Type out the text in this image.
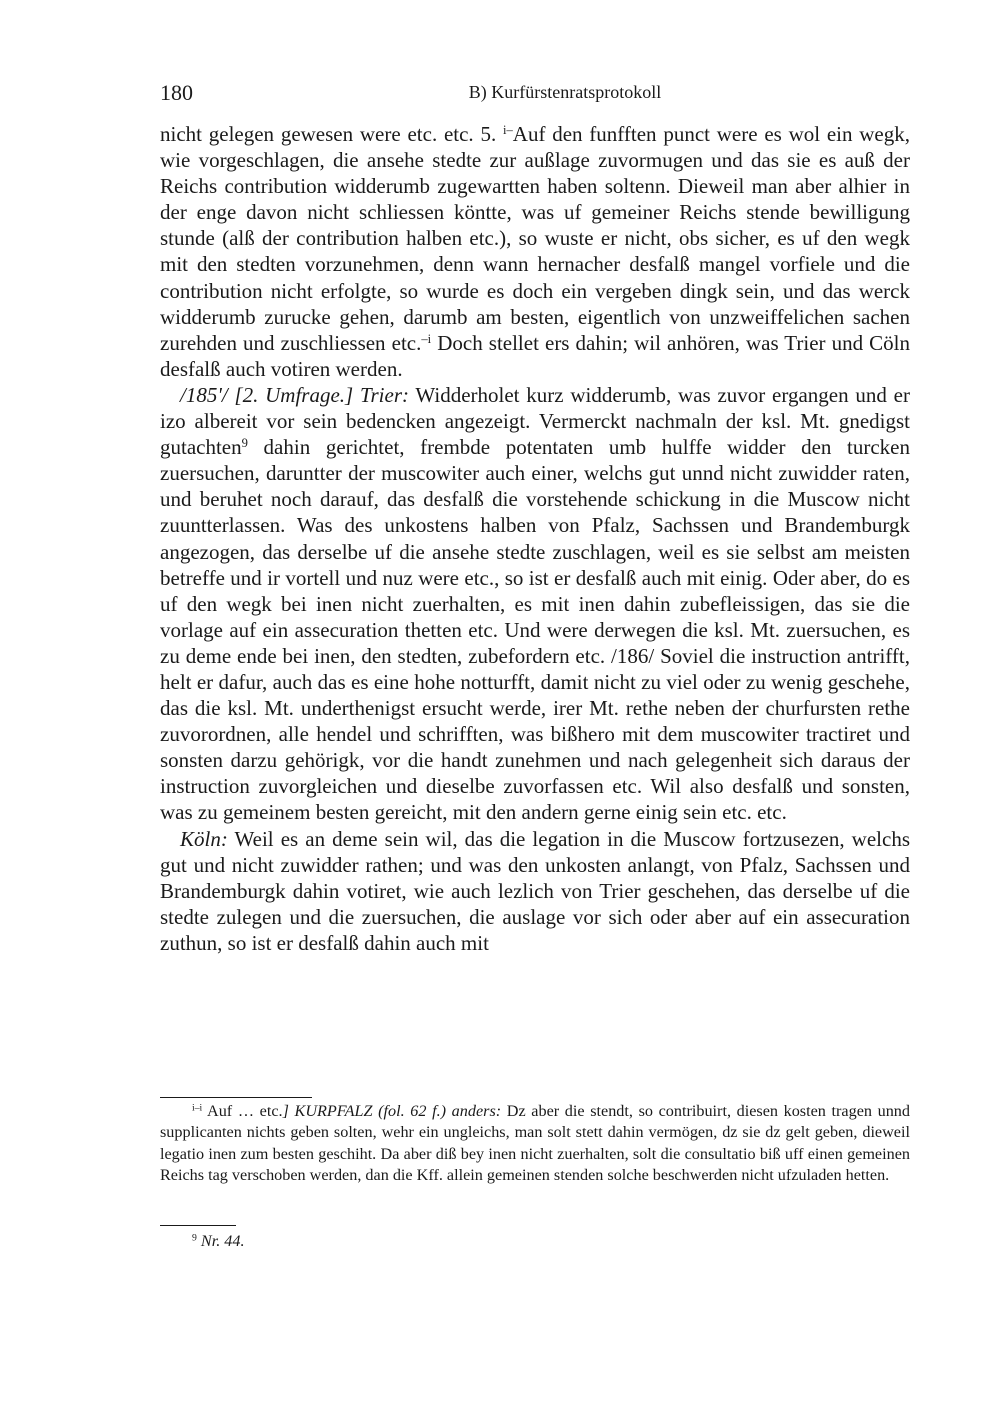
180	B) Kurfürstenratsprotokoll

nicht gelegen gewesen were etc. etc. 5. $^{i-}$Auf den funfften punct were es wol ein wegk, wie vorgeschlagen, die ansehe stedte zur außlage zuvormugen und das sie es auß der Reichs contribution widderumb zugewartten haben soltenn. Dieweil man aber alhier in der enge davon nicht schliessen köntte, was uf gemeiner Reichs stende bewilligung stunde (alß der contribution halben etc.), so wuste er nicht, obs sicher, es uf den wegk mit den stedten vorzunehmen, denn wann hernacher desfalß mangel vorfiele und die contribution nicht erfolgte, so wurde es doch ein vergeben dingk sein, und das werck widderumb zurucke gehen, darumb am besten, eigentlich von unzweiffelichen sachen zurehden und zuschliessen etc.$^{-i}$ Doch stellet ers dahin; wil anhören, was Trier und Cöln desfalß auch votiren werden.

/185'/ [2. Umfrage.] Trier: Widderholet kurz widderumb, was zuvor ergangen und er izo albereit vor sein bedencken angezeigt. Vermerckt nachmaln der ksl. Mt. gnedigst gutachten$^9$ dahin gerichtet, frembde potentaten umb hulffe widder den turcken zuersuchen, daruntter der muscowiter auch einer, welchs gut unnd nicht zuwidder raten, und beruhet noch darauf, das desfalß die vorstehende schickung in die Muscow nicht zuuntterlassen. Was des unkostens halben von Pfalz, Sachssen und Brandemburgk angezogen, das derselbe uf die ansehe stedte zuschlagen, weil es sie selbst am meisten betreffe und ir vortell und nuz were etc., so ist er desfalß auch mit einig. Oder aber, do es uf den wegk bei inen nicht zuerhalten, es mit inen dahin zubefleissigen, das sie die vorlage auf ein assecuration thetten etc. Und were derwegen die ksl. Mt. zuersuchen, es zu deme ende bei inen, den stedten, zubefordern etc. /186/ Soviel die instruction antrifft, helt er dafur, auch das es eine hohe notturfft, damit nicht zu viel oder zu wenig geschehe, das die ksl. Mt. underthenigst ersucht werde, irer Mt. rethe neben der churfursten rethe zuvorordnen, alle hendel und schrifften, was bißhero mit dem muscowiter tractiret und sonsten darzu gehörigk, vor die handt zunehmen und nach gelegenheit sich daraus der instruction zuvorgleichen und dieselbe zuvorfassen etc. Wil also desfalß und sonsten, was zu gemeinem besten gereicht, mit den andern gerne einig sein etc. etc.

Köln: Weil es an deme sein wil, das die legation in die Muscow fortzusezen, welchs gut und nicht zuwidder rathen; und was den unkosten anlangt, von Pfalz, Sachssen und Brandemburgk dahin votiret, wie auch lezlich von Trier geschehen, das derselbe uf die stedte zulegen und die zuersuchen, die auslage vor sich oder aber auf ein assecuration zuthun, so ist er desfalß dahin auch mit

$^{i-i}$ Auf … etc.] KURPFALZ (fol. 62 f.) anders: Dz aber die stendt, so contribuirt, diesen kosten tragen unnd supplicanten nichts geben solten, wehr ein ungleichs, man solt stett dahin vermögen, dz sie dz gelt geben, dieweil legatio inen zum besten geschiht. Da aber diß bey inen nicht zuerhalten, solt die consultatio biß uff einen gemeinen Reichs tag verschoben werden, dan die Kff. allein gemeinen stenden solche beschwerden nicht ufzuladen hetten.
$^9$ Nr. 44.
